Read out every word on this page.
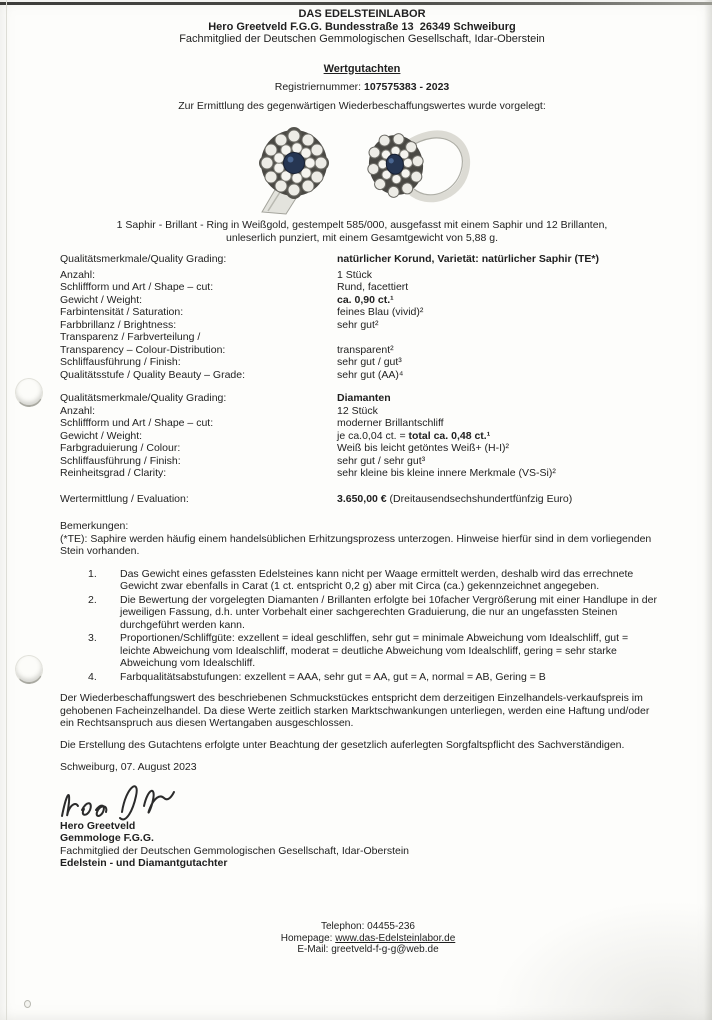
DAS EDELSTEINLABOR
Hero Greetveld F.G.G. Bundesstraße 13  26349 Schweiburg
Fachmitglied der Deutschen Gemmologischen Gesellschaft, Idar-Oberstein
Wertgutachten
Registriernummer: 107575383 - 2023
Zur Ermittlung des gegenwärtigen Wiederbeschaffungswertes wurde vorgelegt:
1 Saphir - Brillant - Ring in Weißgold, gestempelt 585/000, ausgefasst mit einem Saphir und 12 Brillanten,
unleserlich punziert, mit einem Gesamtgewicht von 5,88 g.
Qualitätsmerkmale/Quality Grading:	natürlicher Korund, Varietät: natürlicher Saphir (TE*)
Anzahl:	1 Stück
Schliffform und Art / Shape – cut:	Rund, facettiert
Gewicht / Weight:	ca. 0,90 ct.¹
Farbintensität / Saturation:	feines Blau (vivid)²
Farbbrillanz / Brightness:	sehr gut²
Transparenz / Farbverteilung /
Transparency – Colour-Distribution:	transparent²
Schliffausführung / Finish:	sehr gut / gut³
Qualitätsstufe / Quality Beauty – Grade:	sehr gut (AA)⁴
Qualitätsmerkmale/Quality Grading:	Diamanten
Anzahl:	12 Stück
Schliffform und Art / Shape – cut:	moderner Brillantschliff
Gewicht / Weight:	je ca.0,04 ct. = total ca. 0,48 ct.¹
Farbgraduierung / Colour:	Weiß bis leicht getöntes Weiß+ (H-I)²
Schliffausführung / Finish:	sehr gut / sehr gut³
Reinheitsgrad / Clarity:	sehr kleine bis kleine innere Merkmale (VS-Si)²
Wertermittlung / Evaluation:	3.650,00 € (Dreitausendsechshundertfünfzig Euro)
Bemerkungen:
(*TE): Saphire werden häufig einem handelsüblichen Erhitzungsprozess unterzogen. Hinweise hierfür sind in dem vorliegenden Stein vorhanden.
1.	Das Gewicht eines gefassten Edelsteines kann nicht per Waage ermittelt werden, deshalb wird das errechnete Gewicht zwar ebenfalls in Carat (1 ct. entspricht 0,2 g) aber mit Circa (ca.) gekennzeichnet angegeben.
2.	Die Bewertung der vorgelegten Diamanten / Brillanten erfolgte bei 10facher Vergrößerung mit einer Handlupe in der jeweiligen Fassung, d.h. unter Vorbehalt einer sachgerechten Graduierung, die nur an ungefassten Steinen durchgeführt werden kann.
3.	Proportionen/Schliffgüte: exzellent = ideal geschliffen, sehr gut = minimale Abweichung vom Idealschliff, gut = leichte Abweichung vom Idealschliff, moderat = deutliche Abweichung vom Idealschliff, gering = sehr starke Abweichung vom Idealschliff.
4.	Farbqualitätsabstufungen: exzellent = AAA, sehr gut = AA, gut = A, normal = AB, Gering = B
Der Wiederbeschaffungswert des beschriebenen Schmuckstückes entspricht dem derzeitigen Einzelhandels-verkaufspreis im gehobenen Facheinzelhandel. Da diese Werte zeitlich starken Marktschwankungen unterliegen, werden eine Haftung und/oder ein Rechtsanspruch aus diesen Wertangaben ausgeschlossen.
Die Erstellung des Gutachtens erfolgte unter Beachtung der gesetzlich auferlegten Sorgfaltspflicht des Sachverständigen.
Schweiburg, 07. August 2023
Hero Greetveld
Gemmologe F.G.G.
Fachmitglied der Deutschen Gemmologischen Gesellschaft, Idar-Oberstein
Edelstein - und Diamantgutachter
Telephon: 04455-236
Homepage: www.das-Edelsteinlabor.de
E-Mail: greetveld-f-g-g@web.de
